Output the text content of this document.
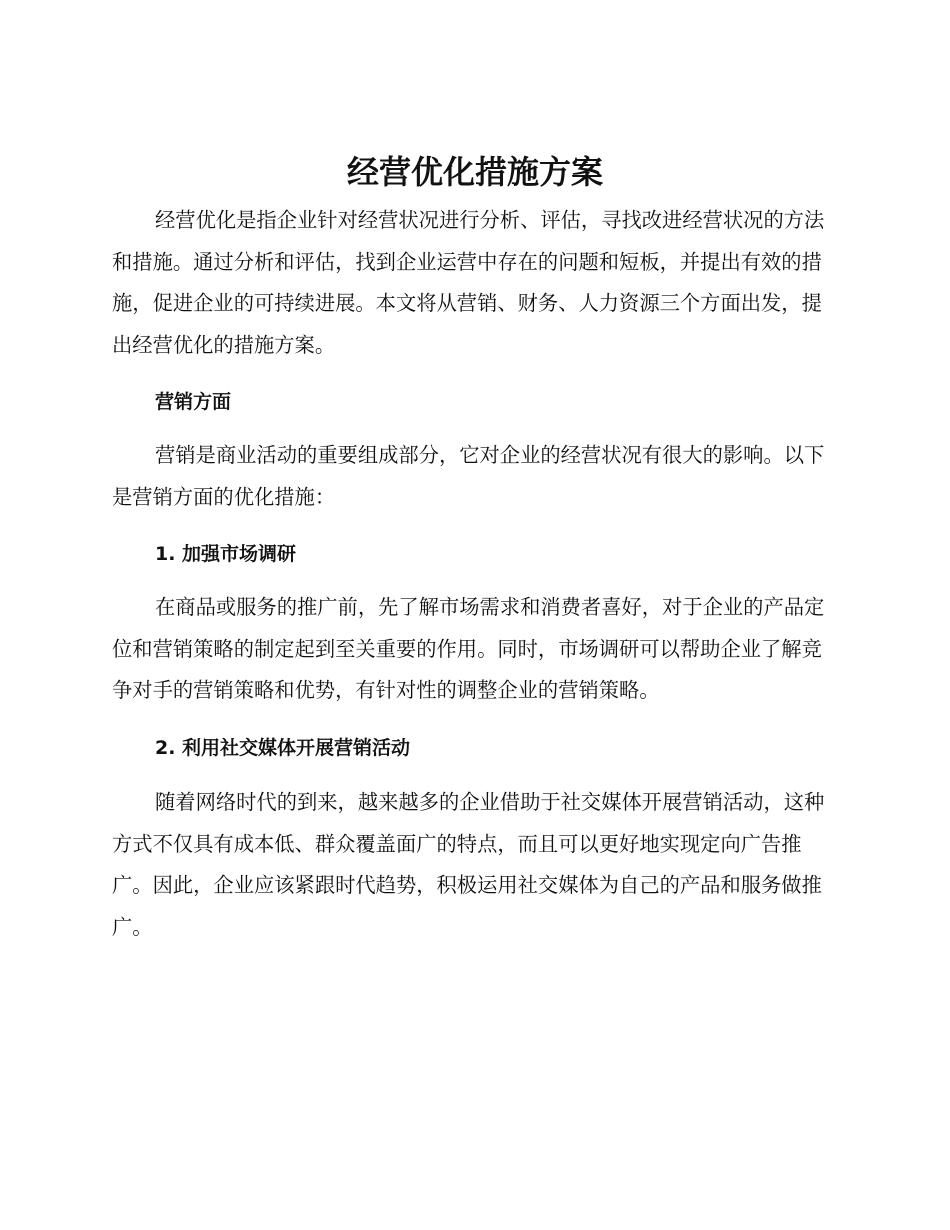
经营优化措施方案

经营优化是指企业针对经营状况进行分析、评估，寻找改进经营状况的方法和措施。通过分析和评估，找到企业运营中存在的问题和短板，并提出有效的措施，促进企业的可持续进展。本文将从营销、财务、人力资源三个方面出发，提出经营优化的措施方案。

营销方面

营销是商业活动的重要组成部分，它对企业的经营状况有很大的影响。以下是营销方面的优化措施：

1. 加强市场调研

在商品或服务的推广前，先了解市场需求和消费者喜好，对于企业的产品定位和营销策略的制定起到至关重要的作用。同时，市场调研可以帮助企业了解竞争对手的营销策略和优势，有针对性的调整企业的营销策略。

2. 利用社交媒体开展营销活动

随着网络时代的到来，越来越多的企业借助于社交媒体开展营销活动，这种方式不仅具有成本低、群众覆盖面广的特点，而且可以更好地实现定向广告推广。因此，企业应该紧跟时代趋势，积极运用社交媒体为自己的产品和服务做推广。
